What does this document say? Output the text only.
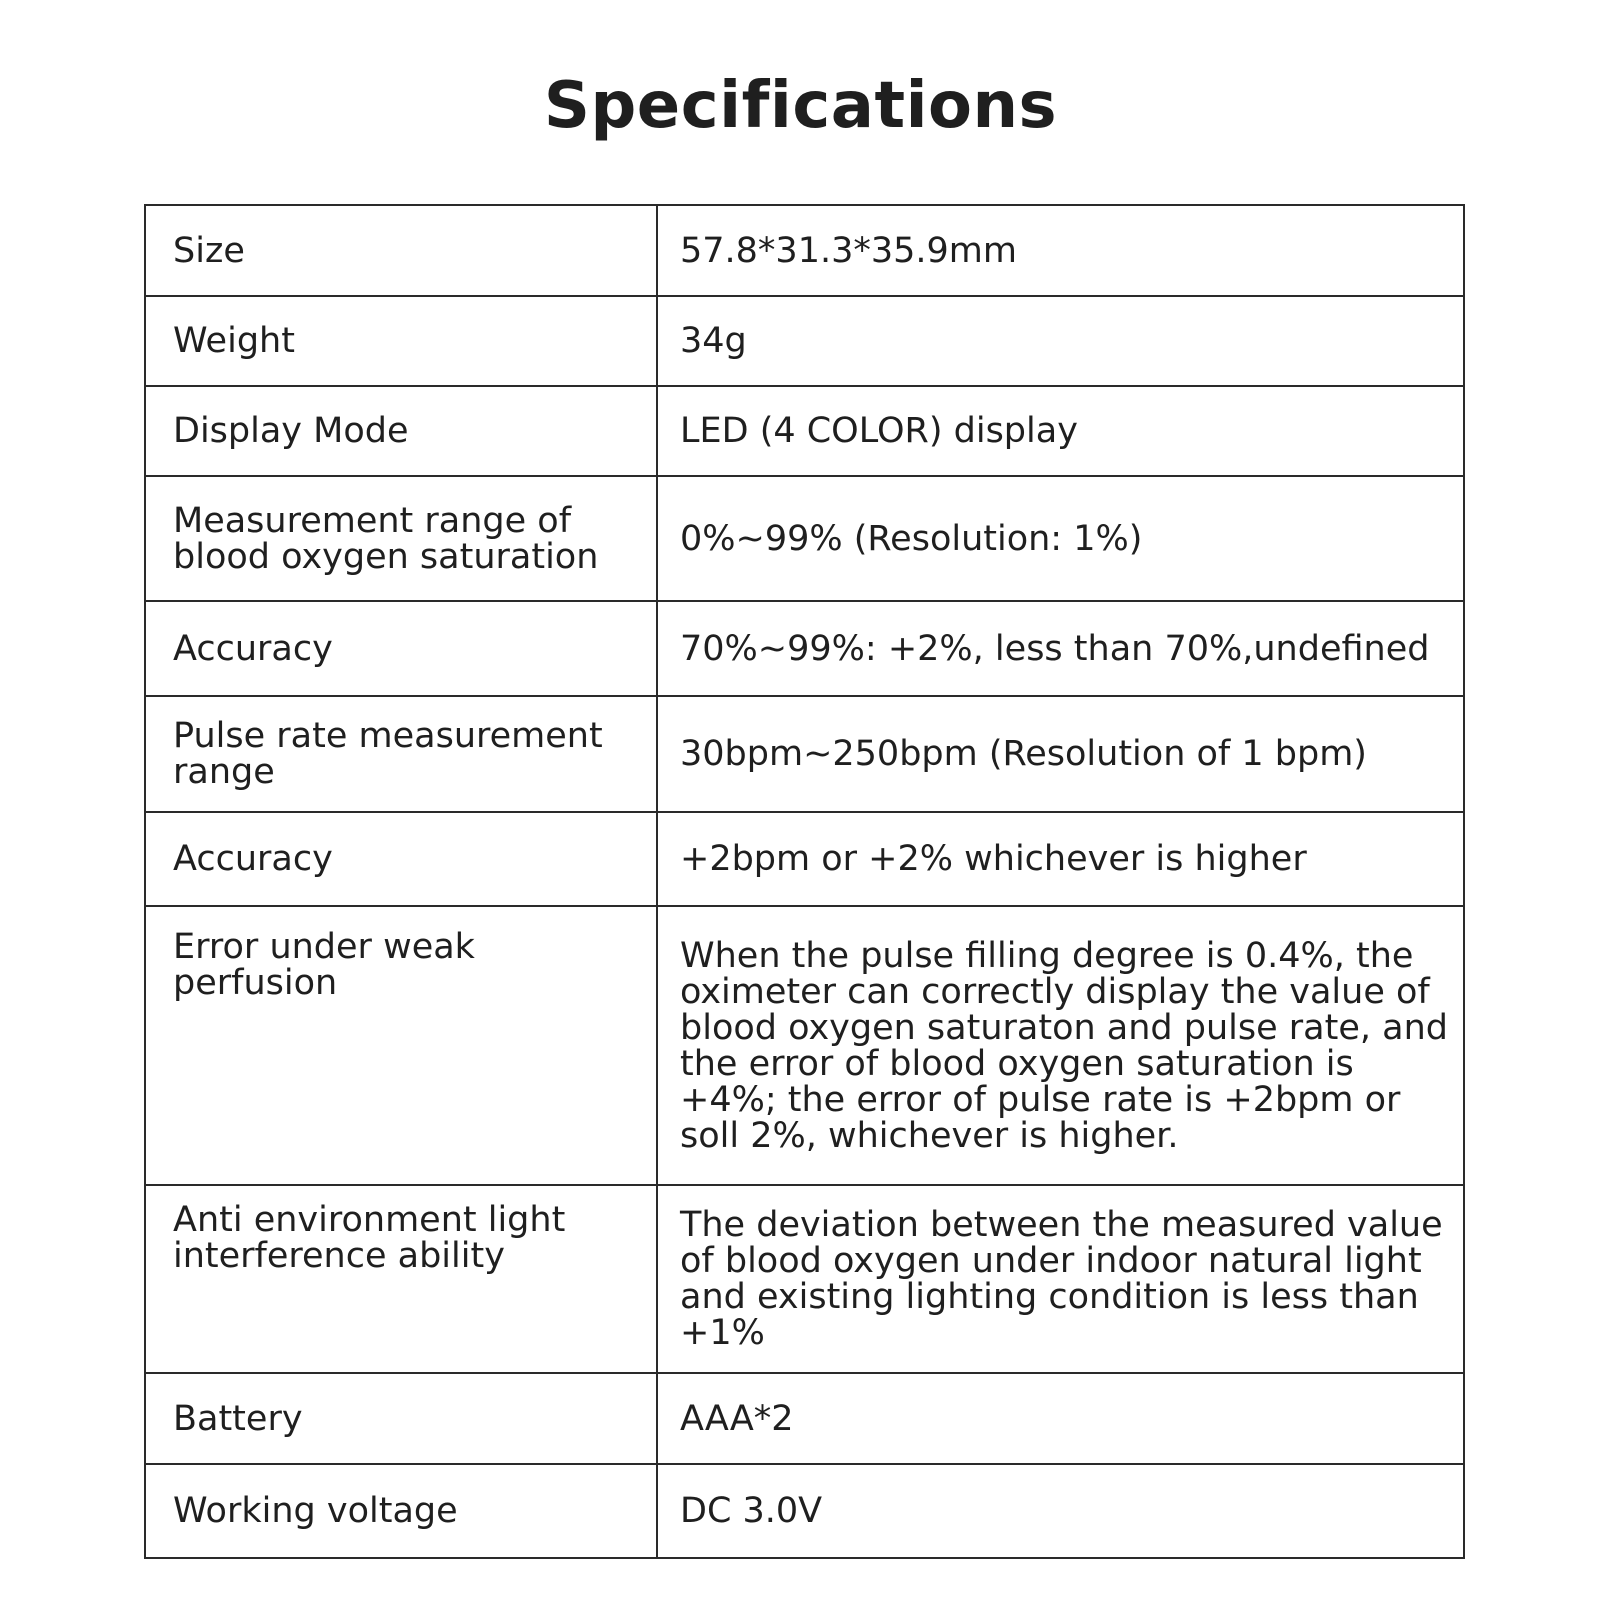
Specifications
Size	57.8*31.3*35.9mm
Weight	34g
Display Mode	LED (4 COLOR) display
Measurement range of blood oxygen saturation	0%~99% (Resolution: 1%)
Accuracy	70%~99%: +2%, less than 70%,undefined
Pulse rate measurement range	30bpm~250bpm (Resolution of 1 bpm)
Accuracy	+2bpm or +2% whichever is higher
Error under weak perfusion	When the pulse filling degree is 0.4%, the oximeter can correctly display the value of blood oxygen saturaton and pulse rate, and the error of blood oxygen saturation is +4%; the error of pulse rate is +2bpm or soll 2%, whichever is higher.
Anti environment light interference ability	The deviation between the measured value of blood oxygen under indoor natural light and existing lighting condition is less than +1%
Battery	AAA*2
Working voltage	DC 3.0V
